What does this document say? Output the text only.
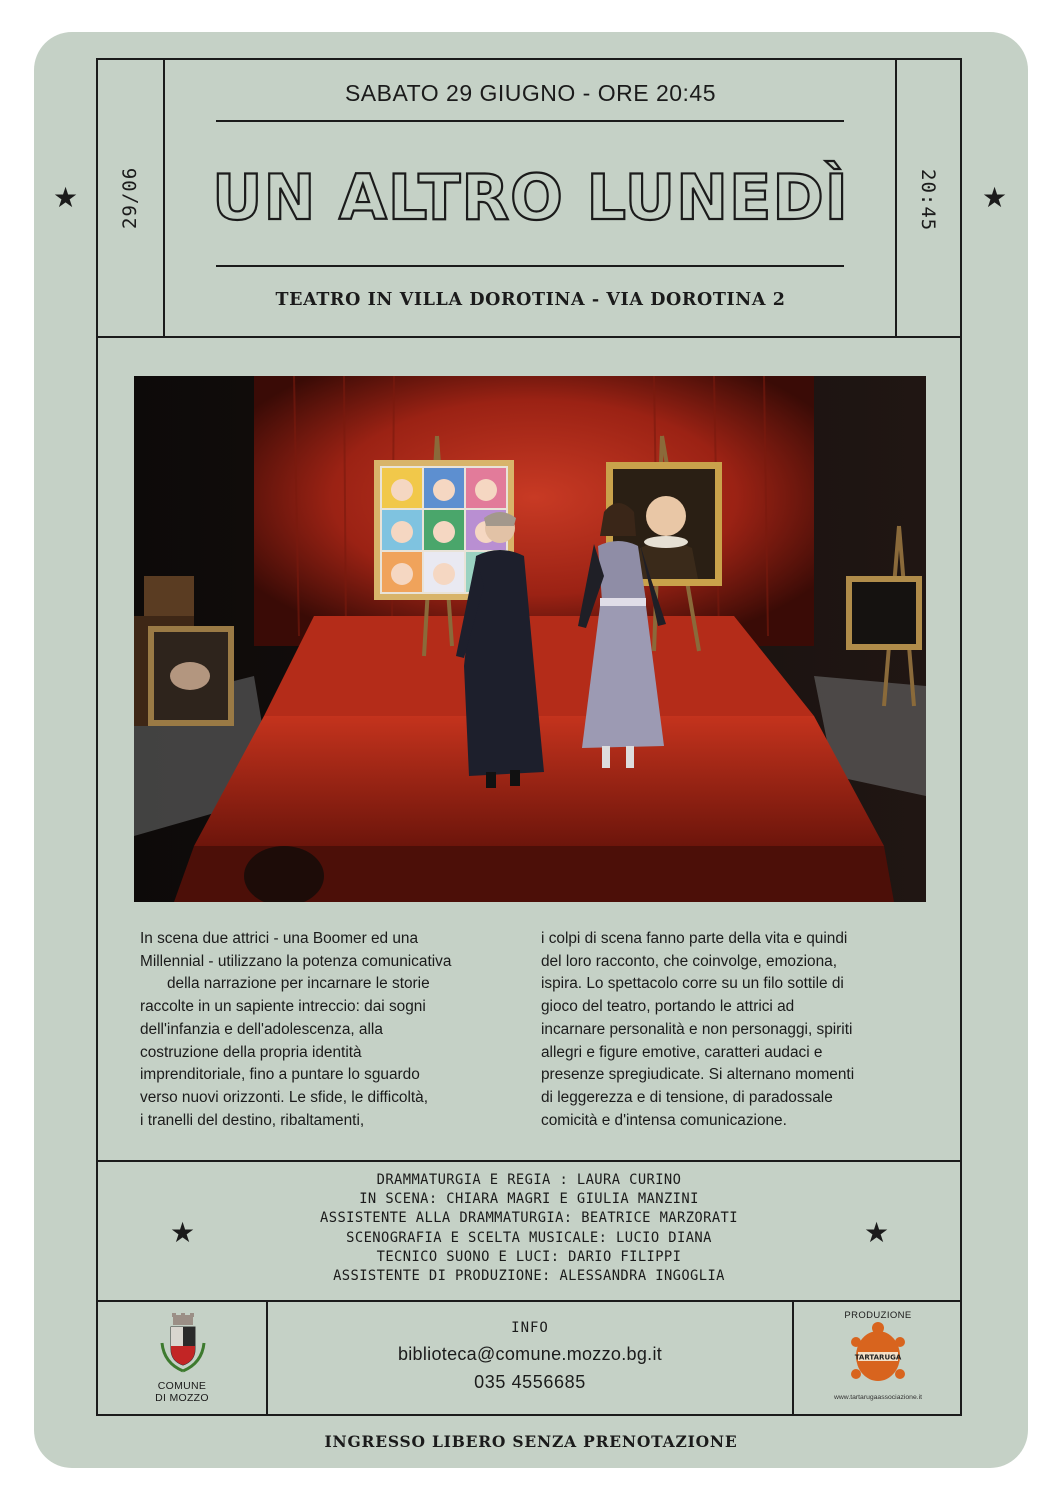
SABATO 29 GIUGNO - ORE 20:45
UN ALTRO LUNEDÌ
TEATRO IN VILLA DOROTINA - VIA DOROTINA 2
29/06	20:45
★	★
In scena due attrici - una Boomer ed una
Millennial - utilizzano la potenza comunicativa
della narrazione per incarnare le storie
raccolte in un sapiente intreccio: dai sogni
dell'infanzia e dell'adolescenza, alla
costruzione della propria identità
imprenditoriale, fino a puntare lo sguardo
verso nuovi orizzonti. Le sfide, le difficoltà,
i tranelli del destino, ribaltamenti,
i colpi di scena fanno parte della vita e quindi
del loro racconto, che coinvolge, emoziona,
ispira. Lo spettacolo corre su un filo sottile di
gioco del teatro, portando le attrici ad
incarnare personalità e non personaggi, spiriti
allegri e figure emotive, caratteri audaci e
presenze spregiudicate. Si alternano momenti
di leggerezza e di tensione, di paradossale
comicità e d'intensa comunicazione.
DRAMMATURGIA E REGIA : LAURA CURINO
IN SCENA: CHIARA MAGRI E GIULIA MANZINI
ASSISTENTE ALLA DRAMMATURGIA: BEATRICE MARZORATI
SCENOGRAFIA E SCELTA MUSICALE: LUCIO DIANA
TECNICO SUONO E LUCI: DARIO FILIPPI
ASSISTENTE DI PRODUZIONE: ALESSANDRA INGOGLIA
★	★
COMUNE
DI MOZZO
INFO
biblioteca@comune.mozzo.bg.it
035 4556685
PRODUZIONE
TARTARUGA
www.tartarugaassociazione.it
INGRESSO LIBERO SENZA PRENOTAZIONE
